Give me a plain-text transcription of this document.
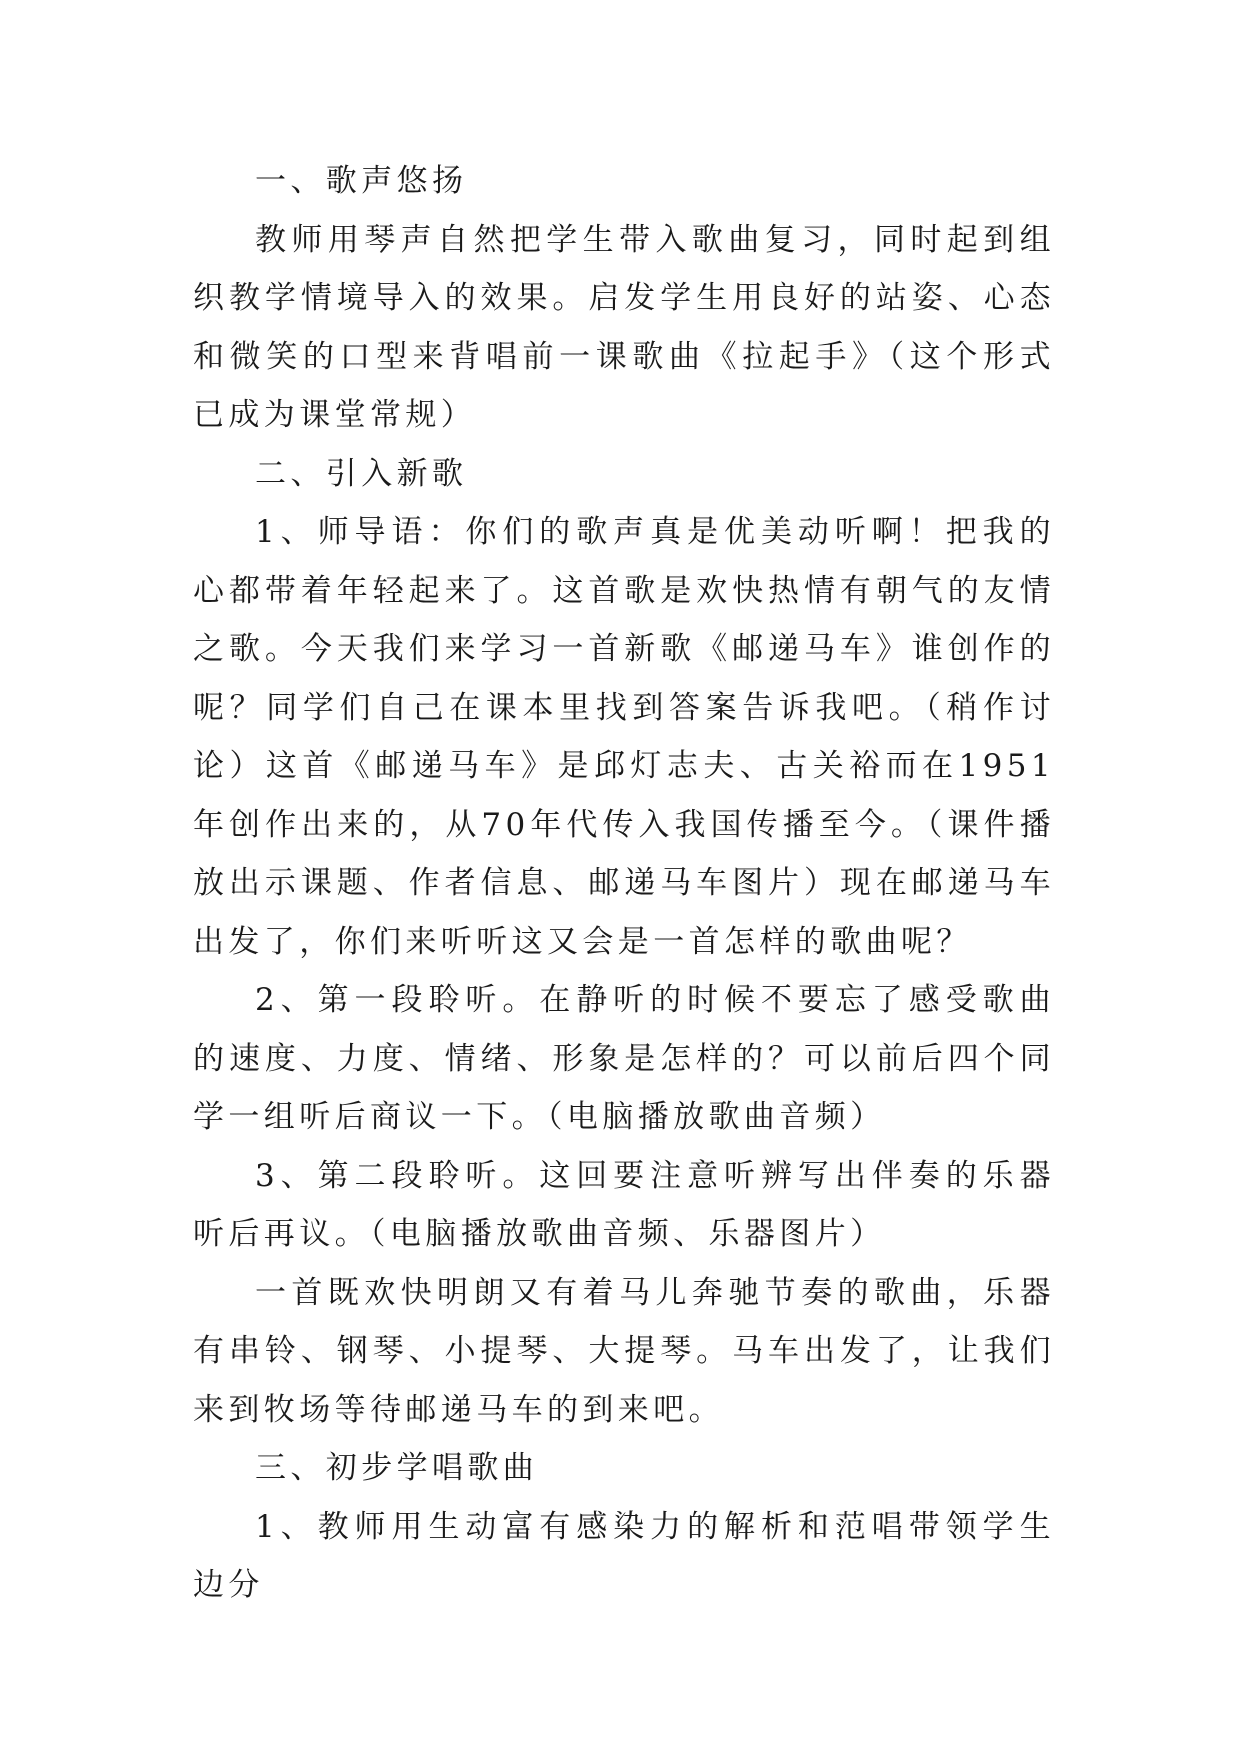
一、歌声悠扬

教师用琴声自然把学生带入歌曲复习，同时起到组织教学情境导入的效果。启发学生用良好的站姿、心态和微笑的口型来背唱前一课歌曲《拉起手》（这个形式已成为课堂常规）

二、引入新歌

1、师导语：你们的歌声真是优美动听啊！把我的心都带着年轻起来了。这首歌是欢快热情有朝气的友情之歌。今天我们来学习一首新歌《邮递马车》谁创作的呢？同学们自己在课本里找到答案告诉我吧。（稍作讨论）这首《邮递马车》是邱灯志夫、古关裕而在1951年创作出来的，从70年代传入我国传播至今。（课件播放出示课题、作者信息、邮递马车图片）现在邮递马车出发了，你们来听听这又会是一首怎样的歌曲呢？

2、第一段聆听。在静听的时候不要忘了感受歌曲的速度、力度、情绪、形象是怎样的？可以前后四个同学一组听后商议一下。（电脑播放歌曲音频）

3、第二段聆听。这回要注意听辨写出伴奏的乐器听后再议。（电脑播放歌曲音频、乐器图片）

一首既欢快明朗又有着马儿奔驰节奏的歌曲，乐器有串铃、钢琴、小提琴、大提琴。马车出发了，让我们来到牧场等待邮递马车的到来吧。

三、初步学唱歌曲

1、教师用生动富有感染力的解析和范唱带领学生边分
